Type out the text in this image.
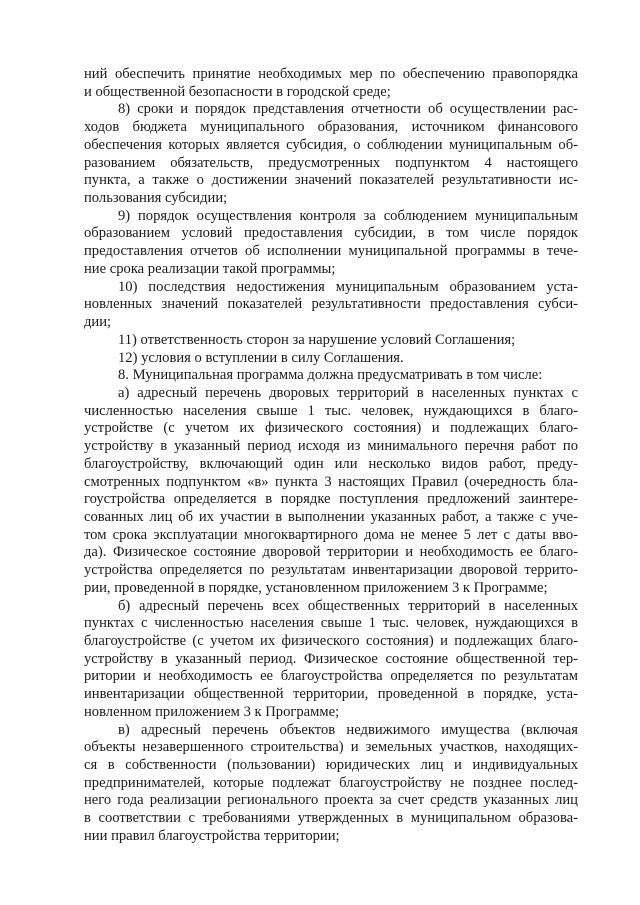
ний обеспечить принятие необходимых мер по обеспечению правопорядка
и общественной безопасности в городской среде;
8) сроки и порядок представления отчетности об осуществлении рас-
ходов бюджета муниципального образования, источником финансового
обеспечения которых является субсидия, о соблюдении муниципальным об-
разованием обязательств, предусмотренных подпунктом 4 настоящего
пункта, а также о достижении значений показателей результативности ис-
пользования субсидии;
9) порядок осуществления контроля за соблюдением муниципальным
образованием условий предоставления субсидии, в том числе порядок
предоставления отчетов об исполнении муниципальной программы в тече-
ние срока реализации такой программы;
10) последствия недостижения муниципальным образованием уста-
новленных значений показателей результативности предоставления субси-
дии;
11) ответственность сторон за нарушение условий Соглашения;
12) условия о вступлении в силу Соглашения.
8. Муниципальная программа должна предусматривать в том числе:
а) адресный перечень дворовых территорий в населенных пунктах с
численностью населения свыше 1 тыс. человек, нуждающихся в благо-
устройстве (с учетом их физического состояния) и подлежащих благо-
устройству в указанный период исходя из минимального перечня работ по
благоустройству, включающий один или несколько видов работ, преду-
смотренных подпунктом «в» пункта 3 настоящих Правил (очередность бла-
гоустройства определяется в порядке поступления предложений заинтере-
сованных лиц об их участии в выполнении указанных работ, а также с уче-
том срока эксплуатации многоквартирного дома не менее 5 лет с даты вво-
да). Физическое состояние дворовой территории и необходимость ее благо-
устройства определяется по результатам инвентаризации дворовой террито-
рии, проведенной в порядке, установленном приложением 3 к Программе;
б) адресный перечень всех общественных территорий в населенных
пунктах с численностью населения свыше 1 тыс. человек, нуждающихся в
благоустройстве (с учетом их физического состояния) и подлежащих благо-
устройству в указанный период. Физическое состояние общественной тер-
ритории и необходимость ее благоустройства определяется по результатам
инвентаризации общественной территории, проведенной в порядке, уста-
новленном приложением 3 к Программе;
в) адресный перечень объектов недвижимого имущества (включая
объекты незавершенного строительства) и земельных участков, находящих-
ся в собственности (пользовании) юридических лиц и индивидуальных
предпринимателей, которые подлежат благоустройству не позднее послед-
него года реализации регионального проекта за счет средств указанных лиц
в соответствии с требованиями утвержденных в муниципальном образова-
нии правил благоустройства территории;
